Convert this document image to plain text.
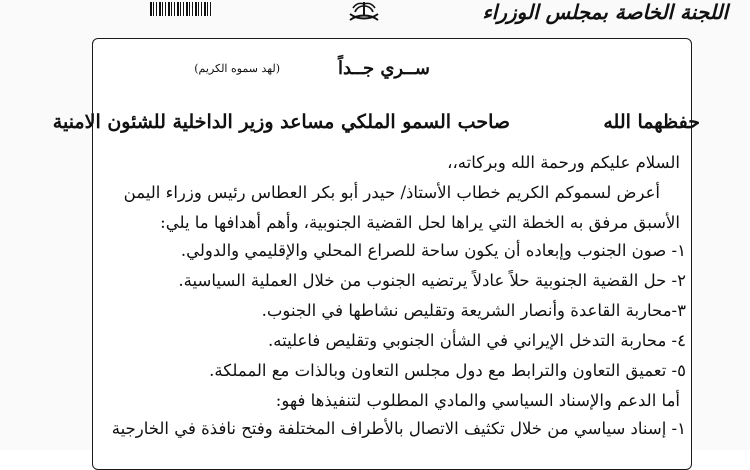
اللجنة الخاصة بمجلس الوزراء
ســري جــداً
(لهد سموه الكريم)
صاحب السمو الملكي مساعد وزير الداخلية للشئون الامنية	حفظهما الله
السلام عليكم ورحمة الله وبركاته،،
أعرض لسموكم الكريم خطاب الأستاذ/ حيدر أبو بكر العطاس رئيس وزراء اليمن
الأسبق مرفق به الخطة التي يراها لحل القضية الجنوبية، وأهم أهدافها ما يلي:
١- صون الجنوب وإبعاده أن يكون ساحة للصراع المحلي والإقليمي والدولي.
٢- حل القضية الجنوبية حلاً عادلاً يرتضيه الجنوب من خلال العملية السياسية.
٣-محاربة القاعدة وأنصار الشريعة وتقليص نشاطها في الجنوب.
٤- محاربة التدخل الإيراني في الشأن الجنوبي وتقليص فاعليته.
٥- تعميق التعاون والترابط مع دول مجلس التعاون وبالذات مع المملكة.
أما الدعم والإسناد السياسي والمادي المطلوب لتنفيذها فهو:
١- إسناد سياسي من خلال تكثيف الاتصال بالأطراف المختلفة وفتح نافذة في الخارجية
